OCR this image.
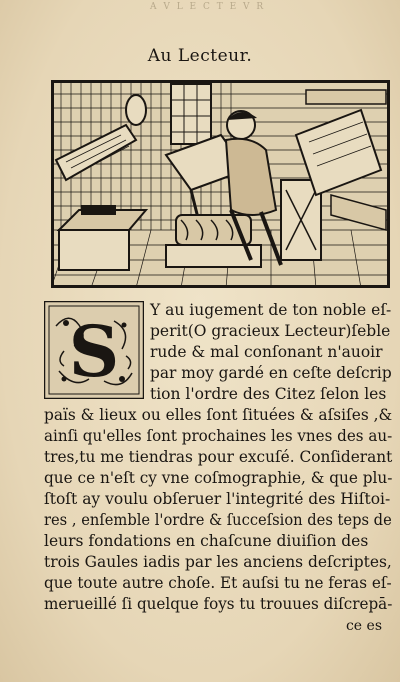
A V L E C T E V R
Au Lecteur.
S Y au iugement de ton noble eſ-
perit(O gracieux Lecteur)ſeble
rude & mal conſonant n'auoir
par moy gardé en ceſte deſcrip
tion l'ordre des Citez ſelon les
païs & lieux ou elles ſont ſituées & aſsiſes ,&
ainſi qu'elles ſont prochaines les vnes des au-
tres,tu me tiendras pour excuſé. Conſiderant
que ce n'eſt cy vne coſmographie, & que plu-
ſtoſt ay voulu obſeruer l'integrité des Hiſtoi-
res , enſemble l'ordre & ſucceſsion des teps de
leurs fondations en chaſcune diuiſion des
trois Gaules iadis par les anciens deſcriptes,
que toute autre choſe. Et auſsi tu ne feras eſ-
merueillé ſi quelque foys tu trouues diſcrepā-
ce es
